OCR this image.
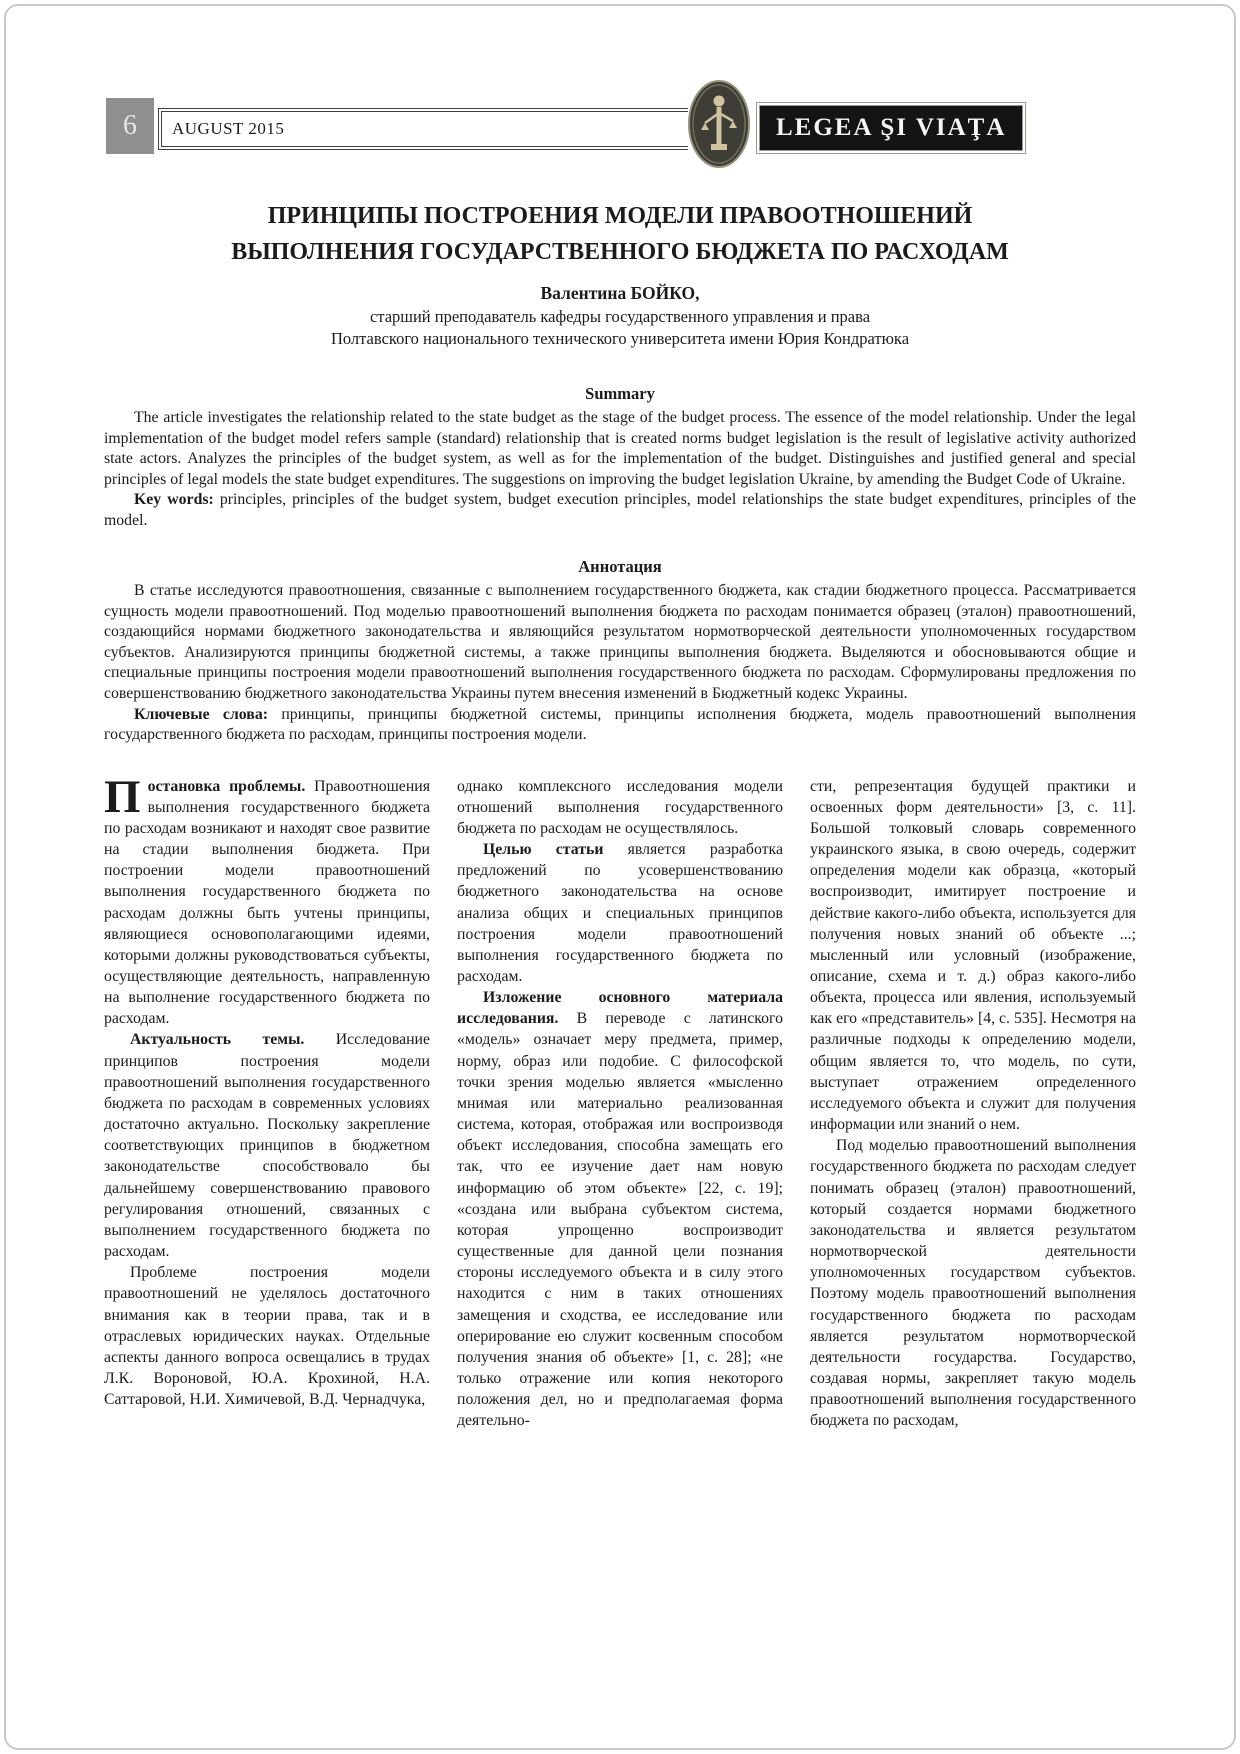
6	AUGUST 2015	LEGEA ŞI VIAŢA
ПРИНЦИПЫ ПОСТРОЕНИЯ МОДЕЛИ ПРАВООТНОШЕНИЙ
ВЫПОЛНЕНИЯ ГОСУДАРСТВЕННОГО БЮДЖЕТА ПО РАСХОДАМ
Валентина БОЙКО,
старший преподаватель кафедры государственного управления и права
Полтавского национального технического университета имени Юрия Кондратюка
Summary

The article investigates the relationship related to the state budget as the stage of the budget process. The essence of the model relationship. Under the legal implementation of the budget model refers sample (standard) relationship that is created norms budget legislation is the result of legislative activity authorized state actors. Analyzes the principles of the budget system, as well as for the implementation of the budget. Distinguishes and justified general and special principles of legal models the state budget expenditures. The suggestions on improving the budget legislation Ukraine, by amending the Budget Code of Ukraine.

Key words: principles, principles of the budget system, budget execution principles, model relationships the state budget expenditures, principles of the model.

Аннотация

В статье исследуются правоотношения, связанные с выполнением государственного бюджета, как стадии бюджетного процесса. Рассматривается сущность модели правоотношений. Под моделью правоотношений выполнения бюджета по расходам понимается образец (эталон) правоотношений, создающийся нормами бюджетного законодательства и являющийся результатом нормотворческой деятельности уполномоченных государством субъектов. Анализируются принципы бюджетной системы, а также принципы выполнения бюджета. Выделяются и обосновываются общие и специальные принципы построения модели правоотношений выполнения государственного бюджета по расходам. Сформулированы предложения по совершенствованию бюджетного законодательства Украины путем внесения изменений в Бюджетный кодекс Украины.

Ключевые слова: принципы, принципы бюджетной системы, принципы исполнения бюджета, модель правоотношений выполнения государственного бюджета по расходам, принципы построения модели.

Постановка проблемы. Правоотношения выполнения государственного бюджета по расходам возникают и находят свое развитие на стадии выполнения бюджета. При построении модели правоотношений выполнения государственного бюджета по расходам должны быть учтены принципы, являющиеся основополагающими идеями, которыми должны руководствоваться субъекты, осуществляющие деятельность, направленную на выполнение государственного бюджета по расходам.

Актуальность темы. Исследование принципов построения модели правоотношений выполнения государственного бюджета по расходам в современных условиях достаточно актуально. Поскольку закрепление соответствующих принципов в бюджетном законодательстве способствовало бы дальнейшему совершенствованию правового регулирования отношений, связанных с выполнением государственного бюджета по расходам.

Проблеме построения модели правоотношений не уделялось достаточного внимания как в теории права, так и в отраслевых юридических науках. Отдельные аспекты данного вопроса освещались в трудах Л.К. Вороновой, Ю.А. Крохиной, Н.А. Саттаровой, Н.И. Химичевой, В.Д. Чернадчука,

однако комплексного исследования модели отношений выполнения государственного бюджета по расходам не осуществлялось.

Целью статьи является разработка предложений по усовершенствованию бюджетного законодательства на основе анализа общих и специальных принципов построения модели правоотношений выполнения государственного бюджета по расходам.

Изложение основного материала исследования. В переводе с латинского «модель» означает меру предмета, пример, норму, образ или подобие. С философской точки зрения моделью является «мысленно мнимая или материально реализованная система, которая, отображая или воспроизводя объект исследования, способна замещать его так, что ее изучение дает нам новую информацию об этом объекте» [22, с. 19]; «создана или выбрана субъектом система, которая упрощенно воспроизводит существенные для данной цели познания стороны исследуемого объекта и в силу этого находится с ним в таких отношениях замещения и сходства, ее исследование или оперирование ею служит косвенным способом получения знания об объекте» [1, с. 28]; «не только отражение или копия некоторого положения дел, но и предполагаемая форма деятельно-

сти, репрезентация будущей практики и освоенных форм деятельности» [3, с. 11]. Большой толковый словарь современного украинского языка, в свою очередь, содержит определения модели как образца, «который воспроизводит, имитирует построение и действие какого-либо объекта, используется для получения новых знаний об объекте ...; мысленный или условный (изображение, описание, схема и т. д.) образ какого-либо объекта, процесса или явления, используемый как его «представитель» [4, с. 535]. Несмотря на различные подходы к определению модели, общим является то, что модель, по сути, выступает отражением определенного исследуемого объекта и служит для получения информации или знаний о нем.

Под моделью правоотношений выполнения государственного бюджета по расходам следует понимать образец (эталон) правоотношений, который создается нормами бюджетного законодательства и является результатом нормотворческой деятельности уполномоченных государством субъектов. Поэтому модель правоотношений выполнения государственного бюджета по расходам является результатом нормотворческой деятельности государства. Государство, создавая нормы, закрепляет такую модель правоотношений выполнения государственного бюджета по расходам,
